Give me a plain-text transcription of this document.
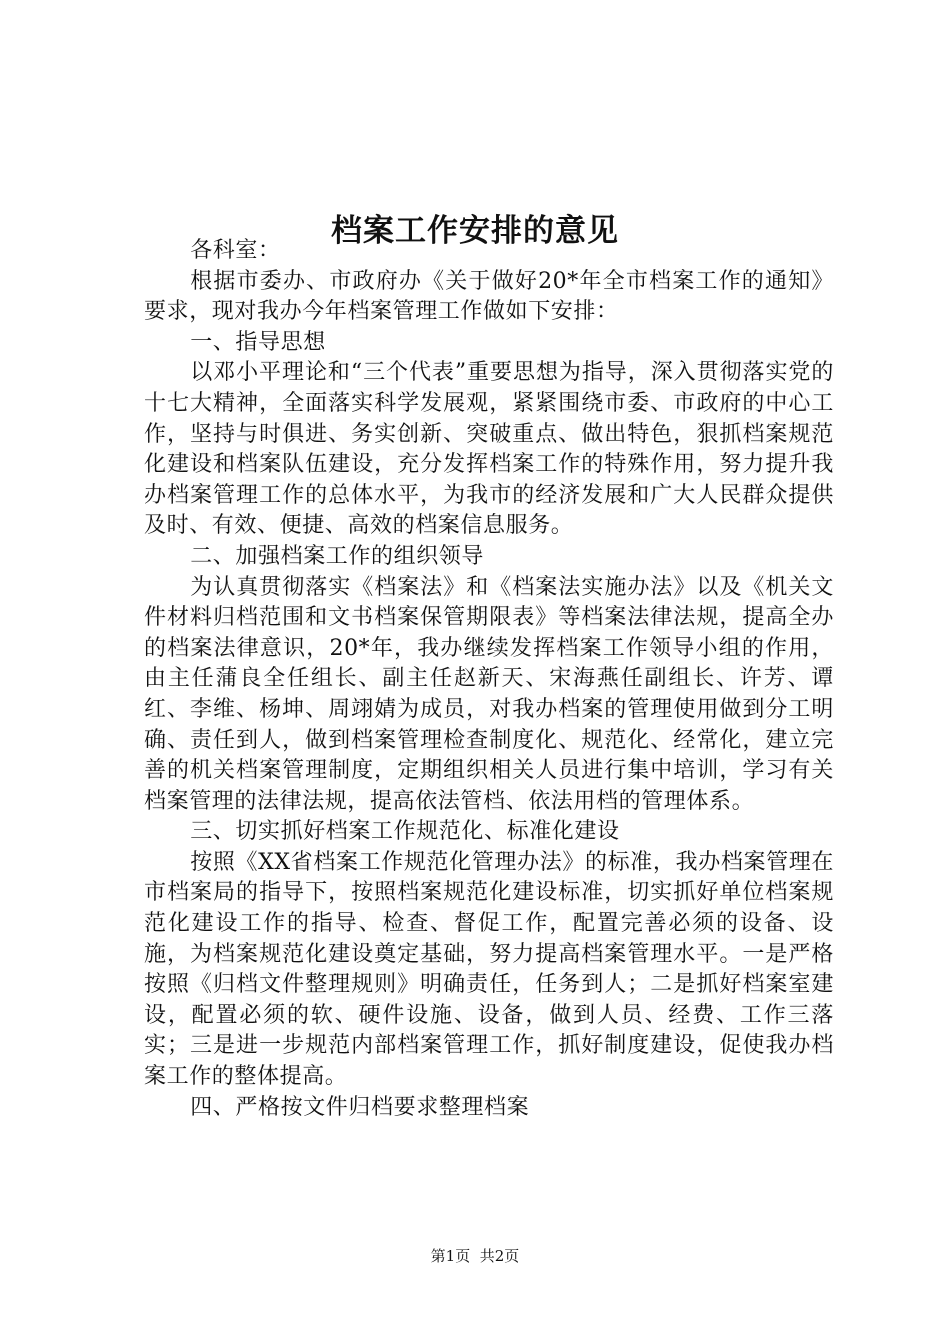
档案工作安排的意见

各科室：

根据市委办、市政府办《关于做好20*年全市档案工作的通知》要求，现对我办今年档案管理工作做如下安排：

一、指导思想

以邓小平理论和“三个代表”重要思想为指导，深入贯彻落实党的十七大精神，全面落实科学发展观，紧紧围绕市委、市政府的中心工作，坚持与时俱进、务实创新、突破重点、做出特色，狠抓档案规范化建设和档案队伍建设，充分发挥档案工作的特殊作用，努力提升我办档案管理工作的总体水平，为我市的经济发展和广大人民群众提供及时、有效、便捷、高效的档案信息服务。

二、加强档案工作的组织领导

为认真贯彻落实《档案法》和《档案法实施办法》以及《机关文件材料归档范围和文书档案保管期限表》等档案法律法规，提高全办的档案法律意识，20*年，我办继续发挥档案工作领导小组的作用，由主任蒲良全任组长、副主任赵新天、宋海燕任副组长、许芳、谭红、李维、杨坤、周翊婧为成员，对我办档案的管理使用做到分工明确、责任到人，做到档案管理检查制度化、规范化、经常化，建立完善的机关档案管理制度，定期组织相关人员进行集中培训，学习有关档案管理的法律法规，提高依法管档、依法用档的管理体系。

三、切实抓好档案工作规范化、标准化建设

按照《XX省档案工作规范化管理办法》的标准，我办档案管理在市档案局的指导下，按照档案规范化建设标准，切实抓好单位档案规范化建设工作的指导、检查、督促工作，配置完善必须的设备、设施，为档案规范化建设奠定基础，努力提高档案管理水平。一是严格按照《归档文件整理规则》明确责任，任务到人；二是抓好档案室建设，配置必须的软、硬件设施、设备，做到人员、经费、工作三落实；三是进一步规范内部档案管理工作，抓好制度建设，促使我办档案工作的整体提高。

四、严格按文件归档要求整理档案

第1页 共2页
